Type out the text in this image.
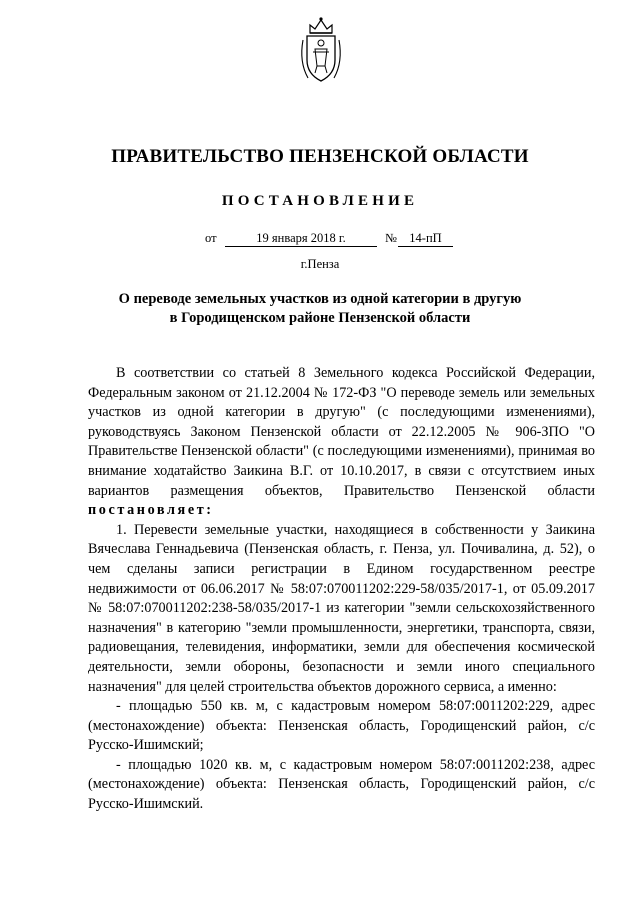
ПРАВИТЕЛЬСТВО ПЕНЗЕНСКОЙ ОБЛАСТИ
ПОСТАНОВЛЕНИЕ
от	19 января 2018 г.	№ 14-пП
г.Пенза
О переводе земельных участков из одной категории в другую
в Городищенском районе Пензенской области

В соответствии со статьей 8 Земельного кодекса Российской Федерации, Федеральным законом от 21.12.2004 № 172-ФЗ "О переводе земель или земельных участков из одной категории в другую" (с последующими изменениями), руководствуясь Законом Пензенской области от 22.12.2005 № 906-ЗПО "О Правительстве Пензенской области" (с последующими изменениями), принимая во внимание ходатайство Заикина В.Г. от 10.10.2017, в связи с отсутствием иных вариантов размещения объектов, Правительство Пензенской области постановляет:

1. Перевести земельные участки, находящиеся в собственности у Заикина Вячеслава Геннадьевича (Пензенская область, г. Пенза, ул. Почивалина, д. 52), о чем сделаны записи регистрации в Едином государственном реестре недвижимости от 06.06.2017 № 58:07:070011202:229-58/035/2017-1, от 05.09.2017 № 58:07:070011202:238-58/035/2017-1 из категории "земли сельскохозяйственного назначения" в категорию "земли промышленности, энергетики, транспорта, связи, радиовещания, телевидения, информатики, земли для обеспечения космической деятельности, земли обороны, безопасности и земли иного специального назначения" для целей строительства объектов дорожного сервиса, а именно:

- площадью 550 кв. м, с кадастровым номером 58:07:0011202:229, адрес (местонахождение) объекта: Пензенская область, Городищенский район, с/с Русско-Ишимский;

- площадью 1020 кв. м, с кадастровым номером 58:07:0011202:238, адрес (местонахождение) объекта: Пензенская область, Городищенский район, с/с Русско-Ишимский.
